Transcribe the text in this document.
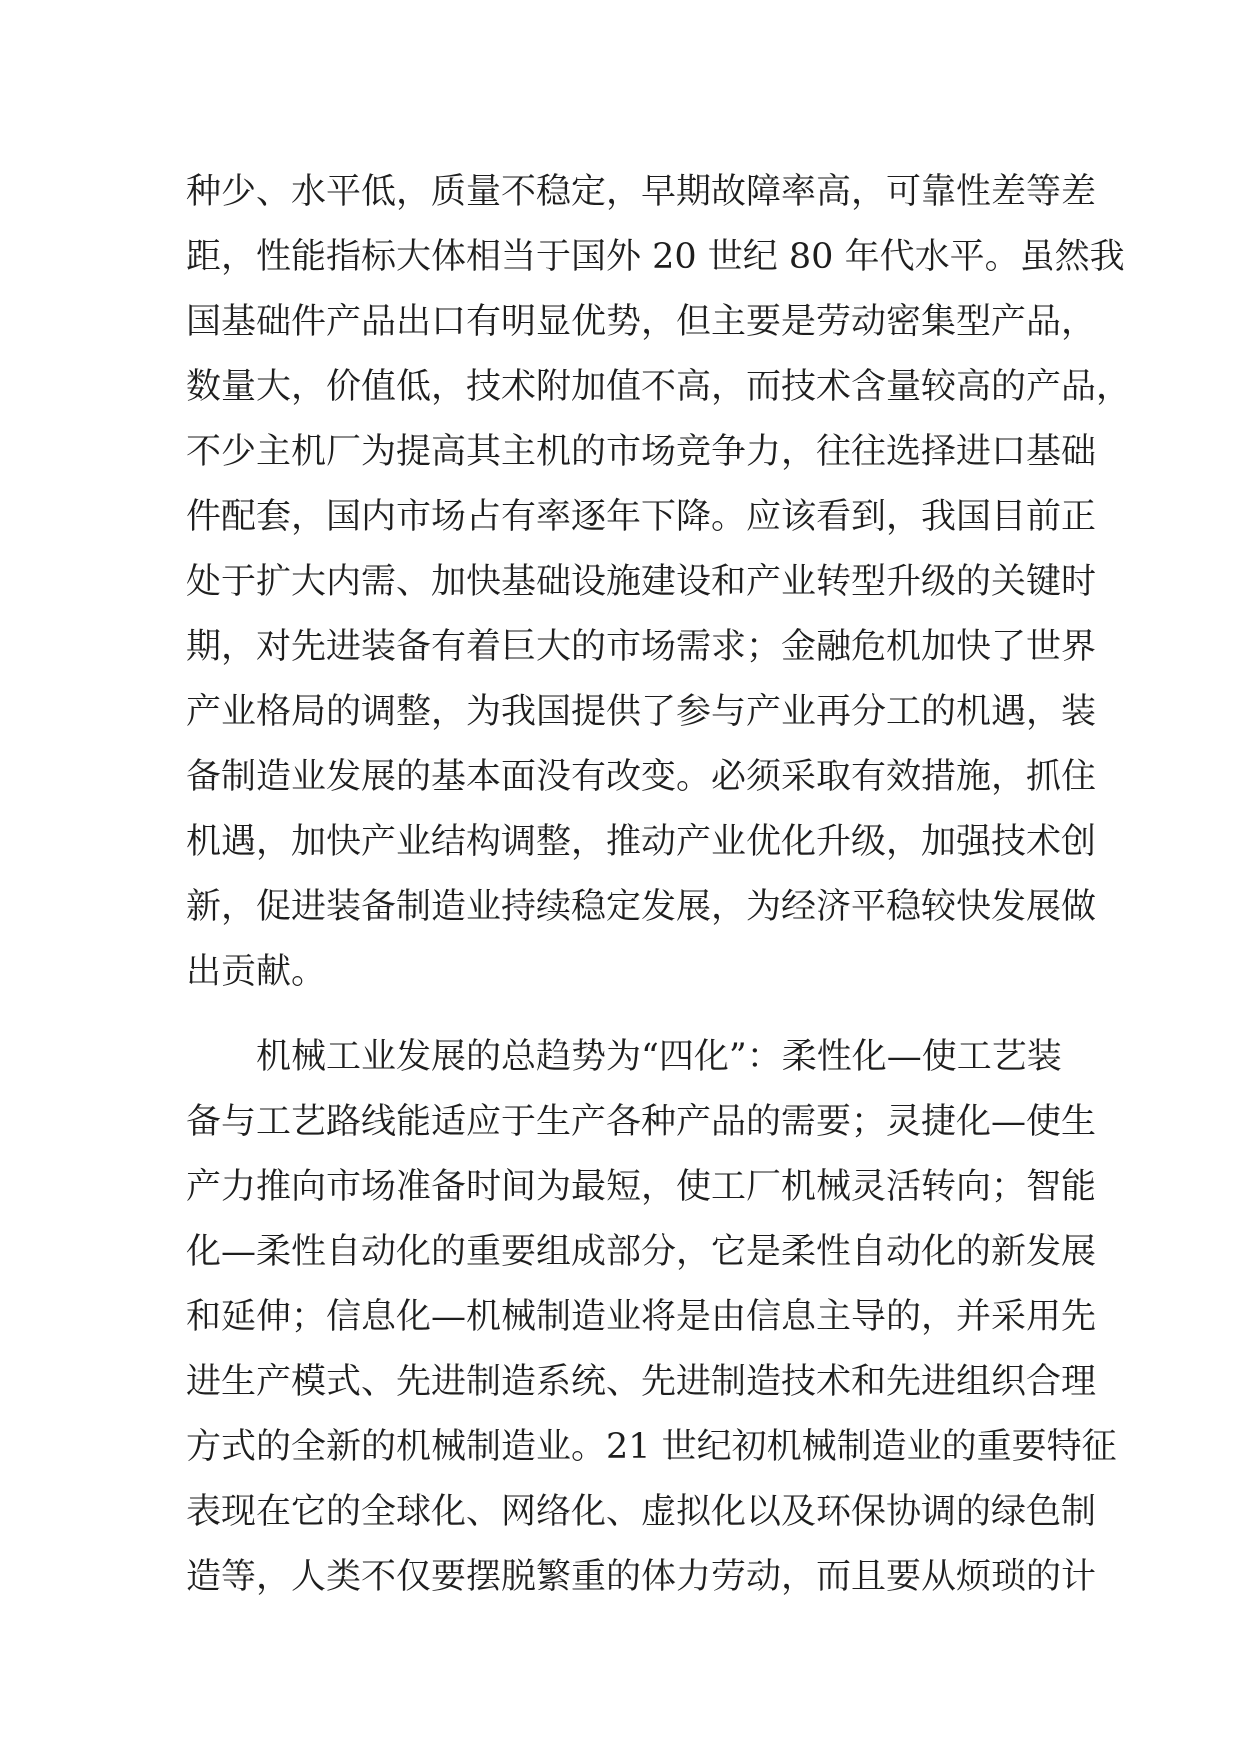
种少、水平低，质量不稳定，早期故障率高，可靠性差等差
距，性能指标大体相当于国外 20 世纪 80 年代水平。虽然我
国基础件产品出口有明显优势，但主要是劳动密集型产品，
数量大，价值低，技术附加值不高，而技术含量较高的产品，
不少主机厂为提高其主机的市场竞争力，往往选择进口基础
件配套，国内市场占有率逐年下降。应该看到，我国目前正
处于扩大内需、加快基础设施建设和产业转型升级的关键时
期，对先进装备有着巨大的市场需求；金融危机加快了世界
产业格局的调整，为我国提供了参与产业再分工的机遇，装
备制造业发展的基本面没有改变。必须采取有效措施，抓住
机遇，加快产业结构调整，推动产业优化升级，加强技术创
新，促进装备制造业持续稳定发展，为经济平稳较快发展做
出贡献。
机械工业发展的总趋势为“四化”：柔性化—使工艺装
备与工艺路线能适应于生产各种产品的需要；灵捷化—使生
产力推向市场准备时间为最短，使工厂机械灵活转向；智能
化—柔性自动化的重要组成部分，它是柔性自动化的新发展
和延伸；信息化—机械制造业将是由信息主导的，并采用先
进生产模式、先进制造系统、先进制造技术和先进组织合理
方式的全新的机械制造业。21 世纪初机械制造业的重要特征
表现在它的全球化、网络化、虚拟化以及环保协调的绿色制
造等，人类不仅要摆脱繁重的体力劳动，而且要从烦琐的计
